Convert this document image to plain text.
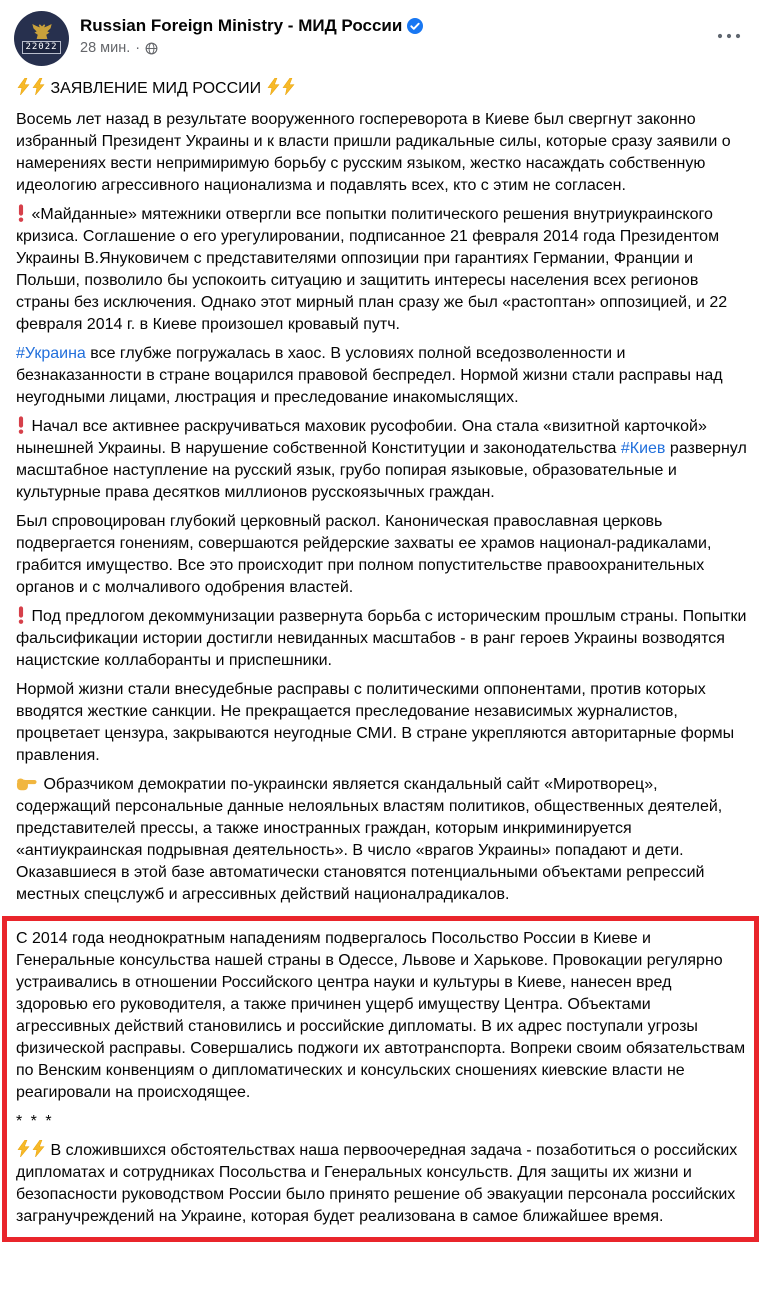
22022
Russian Foreign Ministry - МИД России
28 мин. ·

ЗАЯВЛЕНИЕ МИД РОССИИ

Восемь лет назад в результате вооруженного госпереворота в Киеве был свергнут законно избранный Президент Украины и к власти пришли радикальные силы, которые сразу заявили о намерениях вести непримиримую борьбу с русским языком, жестко насаждать собственную идеологию агрессивного национализма и подавлять всех, кто с этим не согласен.

«Майданные» мятежники отвергли все попытки политического решения внутриукраинского кризиса. Соглашение о его урегулировании, подписанное 21 февраля 2014 года Президентом Украины В.Януковичем с представителями оппозиции при гарантиях Германии, Франции и Польши, позволило бы успокоить ситуацию и защитить интересы населения всех регионов страны без исключения. Однако этот мирный план сразу же был «растоптан» оппозицией, и 22 февраля 2014 г. в Киеве произошел кровавый путч.

#Украина все глубже погружалась в хаос. В условиях полной вседозволенности и безнаказанности в стране воцарился правовой беспредел. Нормой жизни стали расправы над неугодными лицами, люстрация и преследование инакомыслящих.

Начал все активнее раскручиваться маховик русофобии. Она стала «визитной карточкой» нынешней Украины. В нарушение собственной Конституции и законодательства #Киев развернул масштабное наступление на русский язык, грубо попирая языковые, образовательные и культурные права десятков миллионов русскоязычных граждан.

Был спровоцирован глубокий церковный раскол. Каноническая православная церковь подвергается гонениям, совершаются рейдерские захваты ее храмов национал-радикалами, грабится имущество. Все это происходит при полном попустительстве правоохранительных органов и с молчаливого одобрения властей.

Под предлогом декоммунизации развернута борьба с историческим прошлым страны. Попытки фальсификации истории достигли невиданных масштабов - в ранг героев Украины возводятся нацистские коллаборанты и приспешники.

Нормой жизни стали внесудебные расправы с политическими оппонентами, против которых вводятся жесткие санкции. Не прекращается преследование независимых журналистов, процветает цензура, закрываются неугодные СМИ. В стране укрепляются авторитарные формы правления.

Образчиком демократии по-украински является скандальный сайт «Миротворец», содержащий персональные данные нелояльных властям политиков, общественных деятелей, представителей прессы, а также иностранных граждан, которым инкриминируется «антиукраинская подрывная деятельность». В число «врагов Украины» попадают и дети. Оказавшиеся в этой базе автоматически становятся потенциальными объектами репрессий местных спецслужб и агрессивных действий националрадикалов.

С 2014 года неоднократным нападениям подвергалось Посольство России в Киеве и Генеральные консульства нашей страны в Одессе, Львове и Харькове. Провокации регулярно устраивались в отношении Российского центра науки и культуры в Киеве, нанесен вред здоровью его руководителя, а также причинен ущерб имуществу Центра. Объектами агрессивных действий становились и российские дипломаты. В их адрес поступали угрозы физической расправы. Совершались поджоги их автотранспорта. Вопреки своим обязательствам по Венским конвенциям о дипломатических и консульских сношениях киевские власти не реагировали на происходящее.

* * *

В сложившихся обстоятельствах наша первоочередная задача - позаботиться о российских дипломатах и сотрудниках Посольства и Генеральных консульств. Для защиты их жизни и безопасности руководством России было принято решение об эвакуации персонала российских загранучреждений на Украине, которая будет реализована в самое ближайшее время.
